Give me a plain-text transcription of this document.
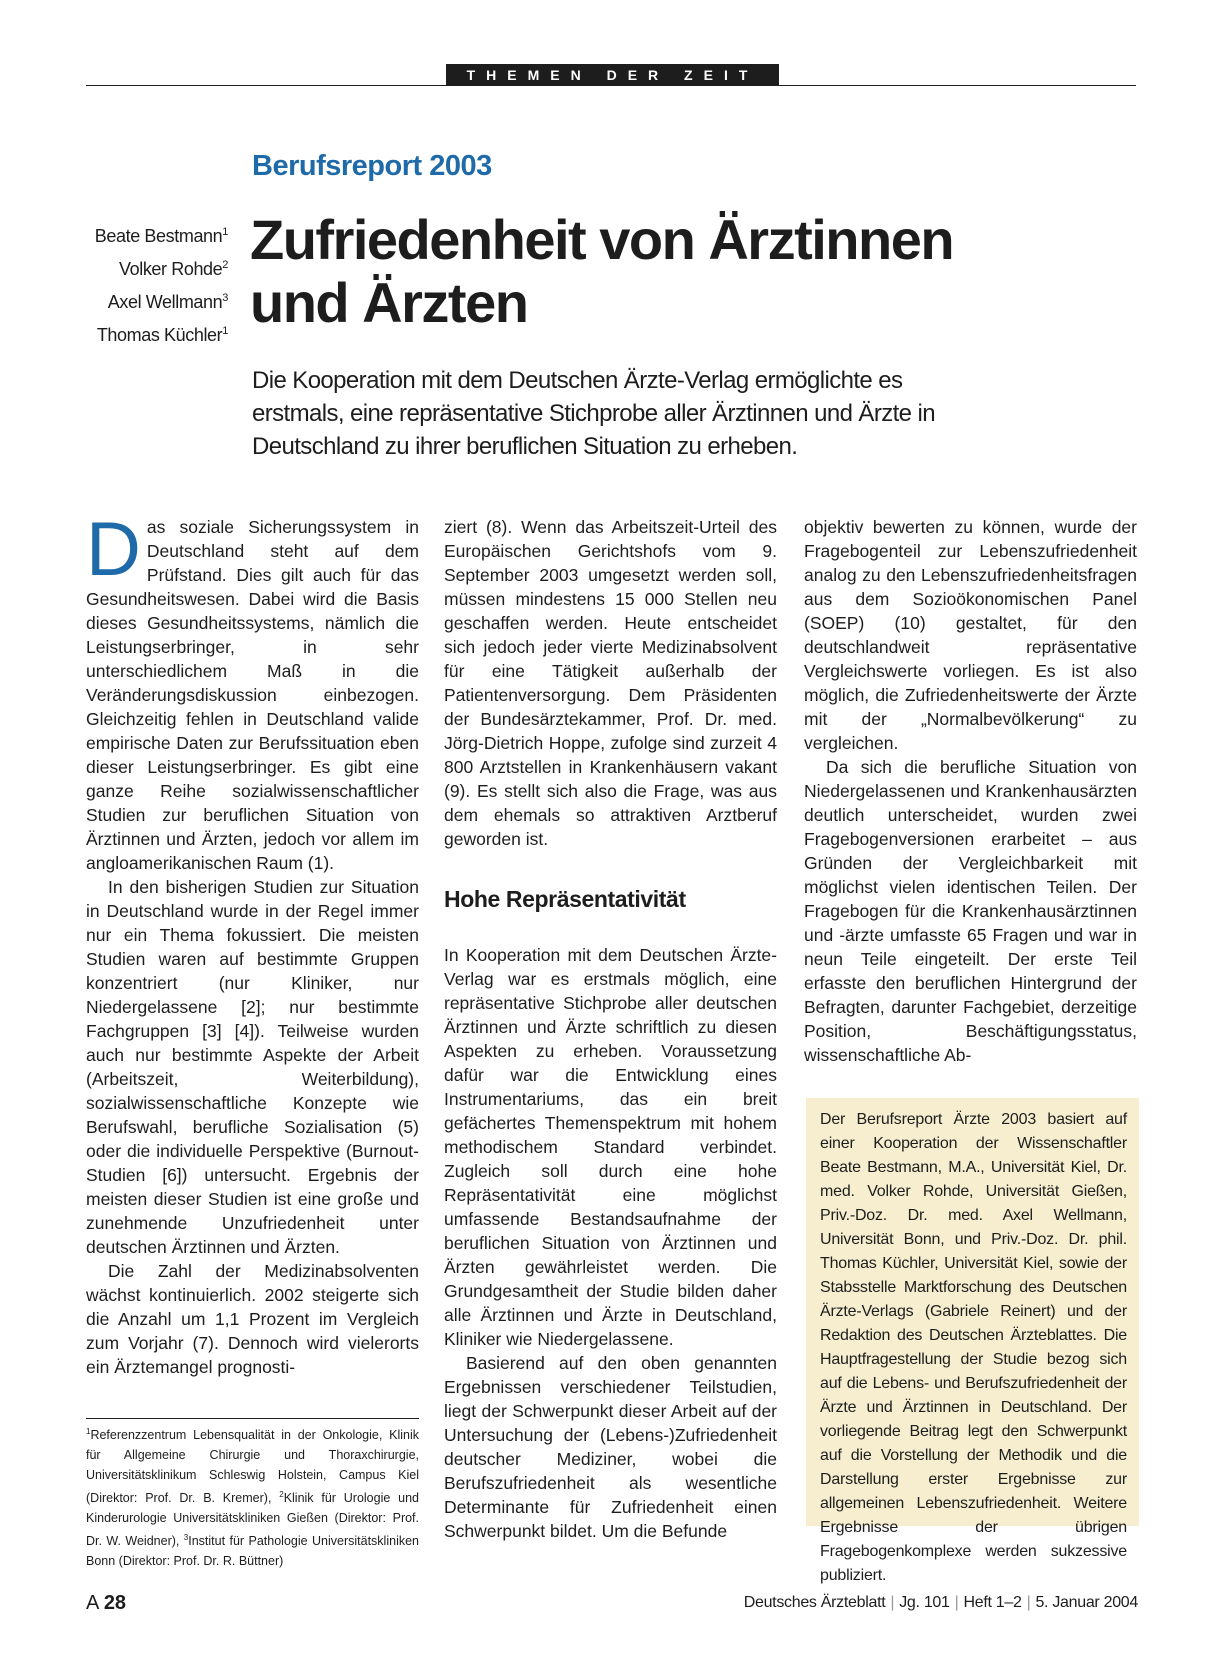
THEMEN DER ZEIT
Berufsreport 2003
Beate Bestmann$^1$
Volker Rohde$^2$
Axel Wellmann$^3$
Thomas Küchler$^1$
Zufriedenheit von Ärztinnen
und Ärzten

Die Kooperation mit dem Deutschen Ärzte-Verlag ermöglichte es erstmals, eine repräsentative Stichprobe aller Ärztinnen und Ärzte in Deutschland zu ihrer beruflichen Situation zu erheben.

Das soziale Sicherungssystem in Deutschland steht auf dem Prüfstand. Dies gilt auch für das Gesundheitswesen. Dabei wird die Basis dieses Gesundheitssystems, nämlich die Leistungserbringer, in sehr unterschiedlichem Maß in die Veränderungsdiskussion einbezogen. Gleichzeitig fehlen in Deutschland valide empirische Daten zur Berufssituation eben dieser Leistungserbringer. Es gibt eine ganze Reihe sozialwissenschaftlicher Studien zur beruflichen Situation von Ärztinnen und Ärzten, jedoch vor allem im angloamerikanischen Raum (1).

In den bisherigen Studien zur Situation in Deutschland wurde in der Regel immer nur ein Thema fokussiert. Die meisten Studien waren auf bestimmte Gruppen konzentriert (nur Kliniker, nur Niedergelassene [2]; nur bestimmte Fachgruppen [3] [4]). Teilweise wurden auch nur bestimmte Aspekte der Arbeit (Arbeitszeit, Weiterbildung), sozialwissenschaftliche Konzepte wie Berufswahl, berufliche Sozialisation (5) oder die individuelle Perspektive (Burnout-Studien [6]) untersucht. Ergebnis der meisten dieser Studien ist eine große und zunehmende Unzufriedenheit unter deutschen Ärztinnen und Ärzten.

Die Zahl der Medizinabsolventen wächst kontinuierlich. 2002 steigerte sich die Anzahl um 1,1 Prozent im Vergleich zum Vorjahr (7). Dennoch wird vielerorts ein Ärztemangel prognosti-

ziert (8). Wenn das Arbeitszeit-Urteil des Europäischen Gerichtshofs vom 9. September 2003 umgesetzt werden soll, müssen mindestens 15 000 Stellen neu geschaffen werden. Heute entscheidet sich jedoch jeder vierte Medizinabsolvent für eine Tätigkeit außerhalb der Patientenversorgung. Dem Präsidenten der Bundesärztekammer, Prof. Dr. med. Jörg-Dietrich Hoppe, zufolge sind zurzeit 4 800 Arztstellen in Krankenhäusern vakant (9). Es stellt sich also die Frage, was aus dem ehemals so attraktiven Arztberuf geworden ist.

Hohe Repräsentativität

In Kooperation mit dem Deutschen Ärzte-Verlag war es erstmals möglich, eine repräsentative Stichprobe aller deutschen Ärztinnen und Ärzte schriftlich zu diesen Aspekten zu erheben. Voraussetzung dafür war die Entwicklung eines Instrumentariums, das ein breit gefächertes Themenspektrum mit hohem methodischem Standard verbindet. Zugleich soll durch eine hohe Repräsentativität eine möglichst umfassende Bestandsaufnahme der beruflichen Situation von Ärztinnen und Ärzten gewährleistet werden. Die Grundgesamtheit der Studie bilden daher alle Ärztinnen und Ärzte in Deutschland, Kliniker wie Niedergelassene.

Basierend auf den oben genannten Ergebnissen verschiedener Teilstudien, liegt der Schwerpunkt dieser Arbeit auf der Untersuchung der (Lebens-)Zufriedenheit deutscher Mediziner, wobei die Berufszufriedenheit als wesentliche Determinante für Zufriedenheit einen Schwerpunkt bildet. Um die Befunde

objektiv bewerten zu können, wurde der Fragebogenteil zur Lebenszufriedenheit analog zu den Lebenszufriedenheitsfragen aus dem Sozioökonomischen Panel (SOEP) (10) gestaltet, für den deutschlandweit repräsentative Vergleichswerte vorliegen. Es ist also möglich, die Zufriedenheitswerte der Ärzte mit der „Normalbevölkerung“ zu vergleichen.

Da sich die berufliche Situation von Niedergelassenen und Krankenhausärzten deutlich unterscheidet, wurden zwei Fragebogenversionen erarbeitet – aus Gründen der Vergleichbarkeit mit möglichst vielen identischen Teilen. Der Fragebogen für die Krankenhausärztinnen und -ärzte umfasste 65 Fragen und war in neun Teile eingeteilt. Der erste Teil erfasste den beruflichen Hintergrund der Befragten, darunter Fachgebiet, derzeitige Position, Beschäftigungsstatus, wissenschaftliche Ab-

Der Berufsreport Ärzte 2003 basiert auf einer Kooperation der Wissenschaftler Beate Bestmann, M.A., Universität Kiel, Dr. med. Volker Rohde, Universität Gießen, Priv.-Doz. Dr. med. Axel Wellmann, Universität Bonn, und Priv.-Doz. Dr. phil. Thomas Küchler, Universität Kiel, sowie der Stabsstelle Marktforschung des Deutschen Ärzte-Verlags (Gabriele Reinert) und der Redaktion des Deutschen Ärzteblattes. Die Hauptfragestellung der Studie bezog sich auf die Lebens- und Berufszufriedenheit der Ärzte und Ärztinnen in Deutschland. Der vorliegende Beitrag legt den Schwerpunkt auf die Vorstellung der Methodik und die Darstellung erster Ergebnisse zur allgemeinen Lebenszufriedenheit. Weitere Ergebnisse der übrigen Fragebogenkomplexe werden sukzessive publiziert.
$^1$Referenzzentrum Lebensqualität in der Onkologie, Klinik für Allgemeine Chirurgie und Thoraxchirurgie, Universitätsklinikum Schleswig Holstein, Campus Kiel (Direktor: Prof. Dr. B. Kremer), $^2$Klinik für Urologie und Kinderurologie Universitätskliniken Gießen (Direktor: Prof. Dr. W. Weidner), $^3$Institut für Pathologie Universitätskliniken Bonn (Direktor: Prof. Dr. R. Büttner)
A 28	Deutsches Ärzteblatt | Jg. 101 | Heft 1–2 | 5. Januar 2004
